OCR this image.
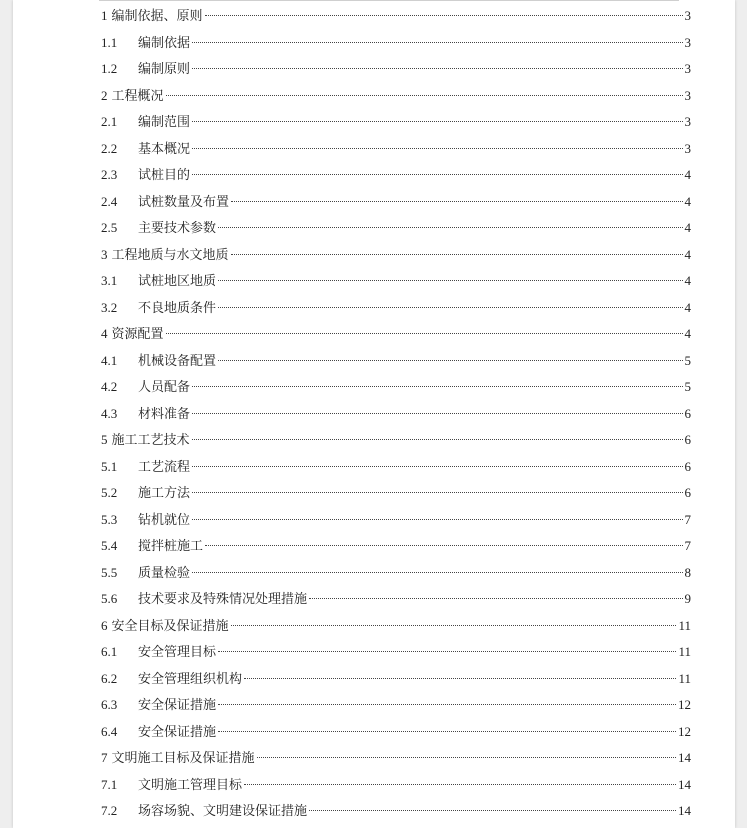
1 编制依据、原则	3
1.1	编制依据	3
1.2	编制原则	3
2 工程概况	3
2.1	编制范围	3
2.2	基本概况	3
2.3	试桩目的	4
2.4	试桩数量及布置	4
2.5	主要技术参数	4
3 工程地质与水文地质	4
3.1	试桩地区地质	4
3.2	不良地质条件	4
4 资源配置	4
4.1	机械设备配置	5
4.2	人员配备	5
4.3	材料准备	6
5 施工工艺技术	6
5.1	工艺流程	6
5.2	施工方法	6
5.3	钻机就位	7
5.4	搅拌桩施工	7
5.5	质量检验	8
5.6	技术要求及特殊情况处理措施	9
6 安全目标及保证措施	11
6.1	安全管理目标	11
6.2	安全管理组织机构	11
6.3	安全保证措施	12
6.4	安全保证措施	12
7 文明施工目标及保证措施	14
7.1	文明施工管理目标	14
7.2	场容场貌、文明建设保证措施	14
